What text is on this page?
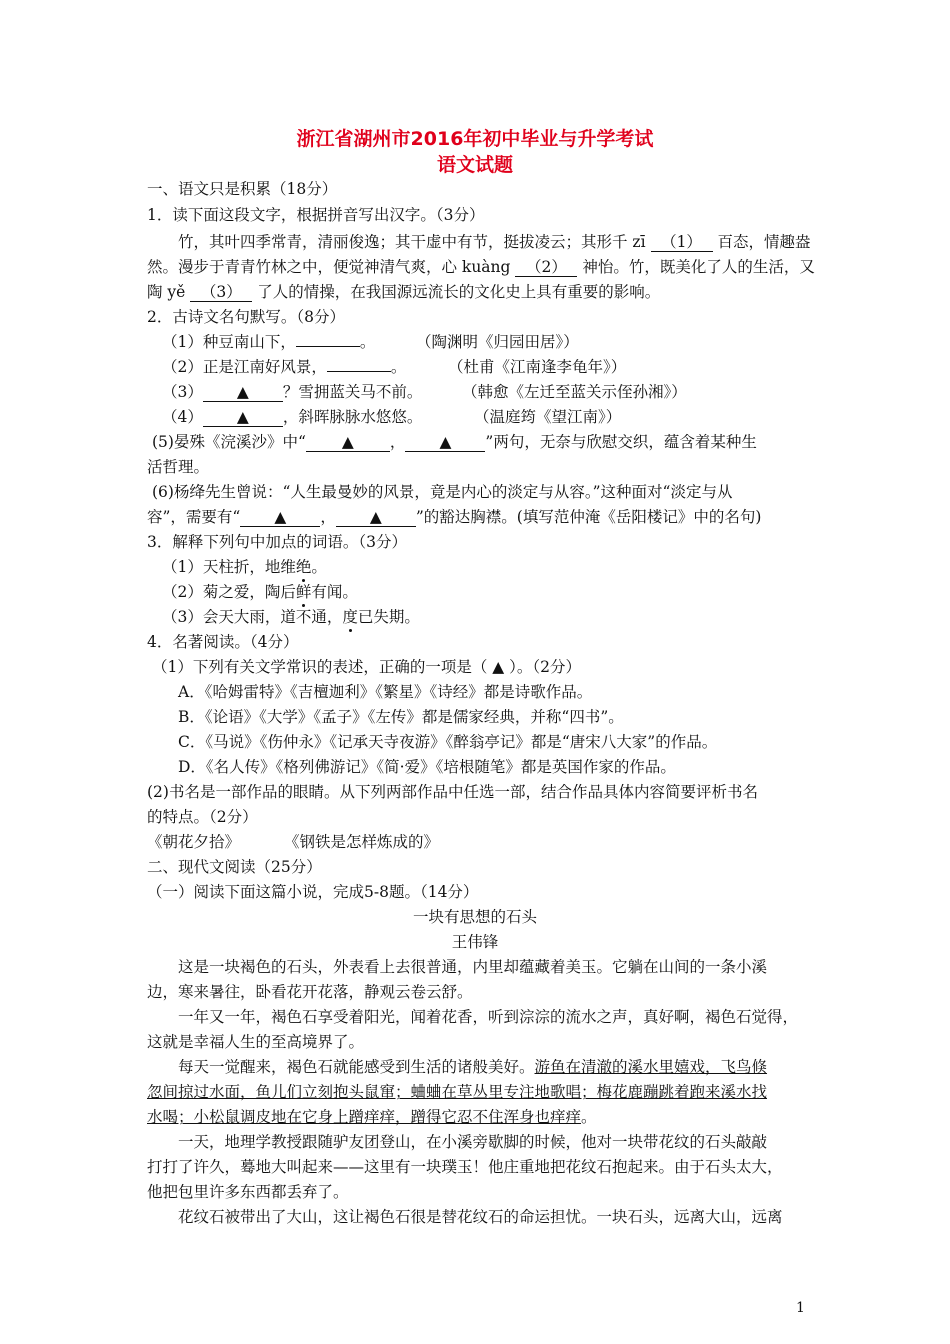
浙江省湖州市2016年初中毕业与升学考试
语文试题
一、语文只是积累（18分）
1．读下面这段文字，根据拼音写出汉字。（3分）
竹，其叶四季常青，清丽俊逸；其干虚中有节，挺拔凌云；其形千 zī （1） 百态，情趣盎
然。漫步于青青竹林之中，便觉神清气爽，心 kuàng （2） 神怡。竹，既美化了人的生活，又
陶 yě （3） 了人的情操，在我国源远流长的文化史上具有重要的影响。
2．古诗文名句默写。（8分）
（1）种豆南山下，	。	（陶渊明《归园田居》）
（2）正是江南好风景，	。	（杜甫《江南逢李龟年》）
（3） ▲ ？雪拥蓝关马不前。	（韩愈《左迁至蓝关示侄孙湘》）
（4） ▲ ，斜晖脉脉水悠悠。	（温庭筠《望江南》）
(5)晏殊《浣溪沙》中“ ▲ ， ▲ ”两句，无奈与欣慰交织，蕴含着某种生
活哲理。
(6)杨绛先生曾说：“人生最曼妙的风景，竟是内心的淡定与从容。”这种面对“淡定与从
容”，需要有“ ▲ ， ▲ ”的豁达胸襟。(填写范仲淹《岳阳楼记》中的名句)
3．解释下列句中加点的词语。（3分）
（1）天柱折，地维绝。
（2）菊之爱，陶后鲜有闻。
（3）会天大雨，道不通，度已失期。
4．名著阅读。（4分）
（1）下列有关文学常识的表述，正确的一项是（ ▲ ）。（2分）
A．《哈姆雷特》《吉檀迦利》《繁星》《诗经》都是诗歌作品。
B．《论语》《大学》《孟子》《左传》都是儒家经典，并称“四书”。
C．《马说》《伤仲永》《记承天寺夜游》《醉翁亭记》都是“唐宋八大家”的作品。
D．《名人传》《格列佛游记》《简·爱》《培根随笔》都是英国作家的作品。
(2)书名是一部作品的眼睛。从下列两部作品中任选一部，结合作品具体内容简要评析书名
的特点。（2分）
《朝花夕拾》	《钢铁是怎样炼成的》
二、现代文阅读（25分）
（一）阅读下面这篇小说，完成5-8题。（14分）
一块有思想的石头
王伟锋
这是一块褐色的石头，外表看上去很普通，内里却蕴藏着美玉。它躺在山间的一条小溪
边，寒来暑往，卧看花开花落，静观云卷云舒。
一年又一年，褐色石享受着阳光，闻着花香，听到淙淙的流水之声，真好啊，褐色石觉得，
这就是幸福人生的至高境界了。
每天一觉醒来，褐色石就能感受到生活的诸般美好。游鱼在清澈的溪水里嬉戏，飞鸟倏
忽间掠过水面，鱼儿们立刻抱头鼠窜；蛐蛐在草丛里专注地歌唱；梅花鹿蹦跳着跑来溪水找
水喝；小松鼠调皮地在它身上蹭痒痒，蹭得它忍不住浑身也痒痒。
一天，地理学教授跟随驴友团登山，在小溪旁歇脚的时候，他对一块带花纹的石头敲敲
打打了许久，蓦地大叫起来——这里有一块璞玉！他庄重地把花纹石抱起来。由于石头太大，
他把包里许多东西都丢弃了。
花纹石被带出了大山，这让褐色石很是替花纹石的命运担忧。一块石头，远离大山，远离
1
